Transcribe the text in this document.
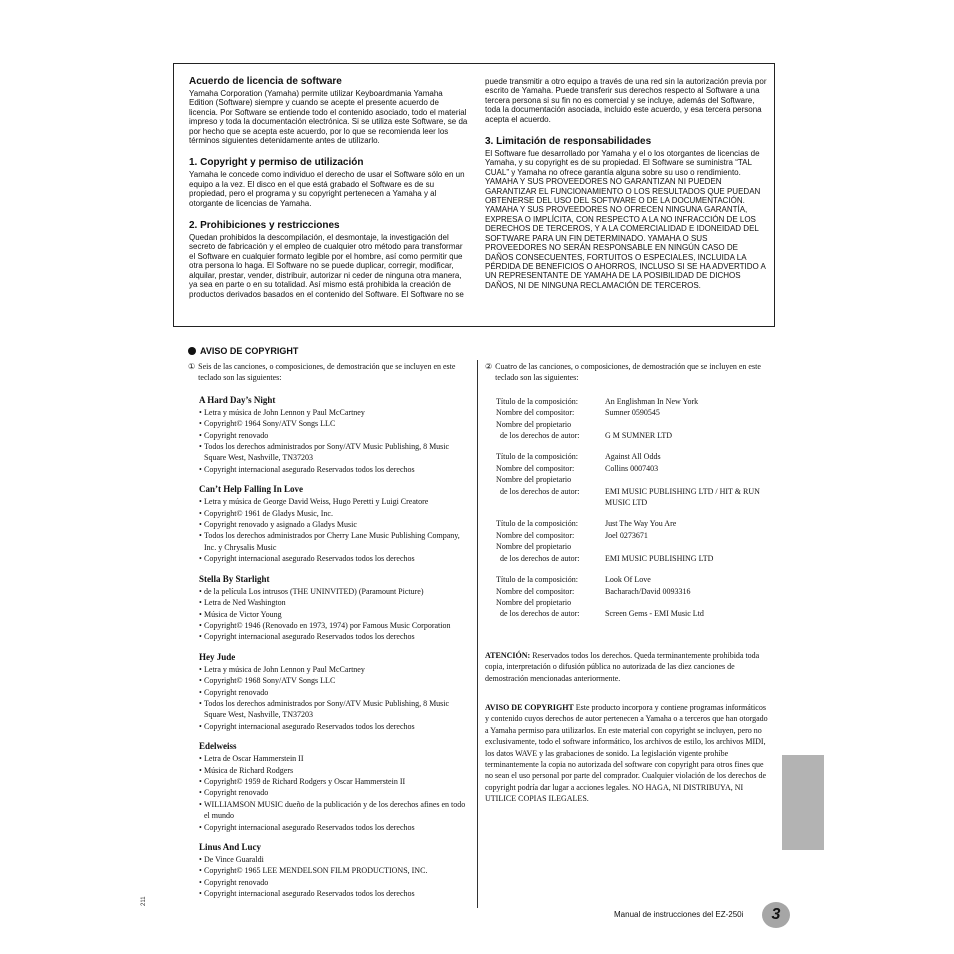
Acuerdo de licencia de software

Yamaha Corporation (Yamaha) permite utilizar Keyboardmania Yamaha Edition (Software) siempre y cuando se acepte el presente acuerdo de licencia. Por Software se entiende todo el contenido asociado, todo el material impreso y toda la documentación electrónica. Si se utiliza este Software, se da por hecho que se acepta este acuerdo, por lo que se recomienda leer los términos siguientes detenidamente antes de utilizarlo.

1. Copyright y permiso de utilización

Yamaha le concede como individuo el derecho de usar el Software sólo en un equipo a la vez. El disco en el que está grabado el Software es de su propiedad, pero el programa y su copyright pertenecen a Yamaha y al otorgante de licencias de Yamaha.

2. Prohibiciones y restricciones

Quedan prohibidos la descompilación, el desmontaje, la investigación del secreto de fabricación y el empleo de cualquier otro método para transformar el Software en cualquier formato legible por el hombre, así como permitir que otra persona lo haga. El Software no se puede duplicar, corregir, modificar, alquilar, prestar, vender, distribuir, autorizar ni ceder de ninguna otra manera, ya sea en parte o en su totalidad. Así mismo está prohibida la creación de productos derivados basados en el contenido del Software. El Software no se

puede transmitir a otro equipo a través de una red sin la autorización previa por escrito de Yamaha. Puede transferir sus derechos respecto al Software a una tercera persona si su fin no es comercial y se incluye, además del Software, toda la documentación asociada, incluido este acuerdo, y esa tercera persona acepta el acuerdo.

3. Limitación de responsabilidades

El Software fue desarrollado por Yamaha y el o los otorgantes de licencias de Yamaha, y su copyright es de su propiedad. El Software se suministra “TAL CUAL” y Yamaha no ofrece garantía alguna sobre su uso o rendimiento.

YAMAHA Y SUS PROVEEDORES NO GARANTIZAN NI PUEDEN GARANTIZAR EL FUNCIONAMIENTO O LOS RESULTADOS QUE PUEDAN OBTENERSE DEL USO DEL SOFTWARE O DE LA DOCUMENTACIÓN. YAMAHA Y SUS PROVEEDORES NO OFRECEN NINGUNA GARANTÍA, EXPRESA O IMPLÍCITA, CON RESPECTO A LA NO INFRACCIÓN DE LOS DERECHOS DE TERCEROS, Y A LA COMERCIALIDAD E IDONEIDAD DEL SOFTWARE PARA UN FIN DETERMINADO. YAMAHA O SUS PROVEEDORES NO SERÁN RESPONSABLE EN NINGÚN CASO DE DAÑOS CONSECUENTES, FORTUITOS O ESPECIALES, INCLUIDA LA PÉRDIDA DE BENEFICIOS O AHORROS, INCLUSO SI SE HA ADVERTIDO A UN REPRESENTANTE DE YAMAHA DE LA POSIBILIDAD DE DICHOS DAÑOS, NI DE NINGUNA RECLAMACIÓN DE TERCEROS.

AVISO DE COPYRIGHT
① Seis de las canciones, o composiciones, de demostración que se incluyen en este teclado son las siguientes:
A Hard Day’s Night
• Letra y música de John Lennon y Paul McCartney
• Copyright© 1964 Sony/ATV Songs LLC
• Copyright renovado
• Todos los derechos administrados por Sony/ATV Music Publishing, 8 Music Square West, Nashville, TN37203
• Copyright internacional asegurado Reservados todos los derechos
Can’t Help Falling In Love
• Letra y música de George David Weiss, Hugo Peretti y Luigi Creatore
• Copyright© 1961 de Gladys Music, Inc.
• Copyright renovado y asignado a Gladys Music
• Todos los derechos administrados por Cherry Lane Music Publishing Company, Inc. y Chrysalis Music
• Copyright internacional asegurado Reservados todos los derechos
Stella By Starlight
• de la película Los intrusos (THE UNINVITED) (Paramount Picture)
• Letra de Ned Washington
• Música de Victor Young
• Copyright© 1946 (Renovado en 1973, 1974) por Famous Music Corporation
• Copyright internacional asegurado Reservados todos los derechos
Hey Jude
• Letra y música de John Lennon y Paul McCartney
• Copyright© 1968 Sony/ATV Songs LLC
• Copyright renovado
• Todos los derechos administrados por Sony/ATV Music Publishing, 8 Music Square West, Nashville, TN37203
• Copyright internacional asegurado Reservados todos los derechos
Edelweiss
• Letra de Oscar Hammerstein II
• Música de Richard Rodgers
• Copyright© 1959 de Richard Rodgers y Oscar Hammerstein II
• Copyright renovado
• WILLIAMSON MUSIC dueño de la publicación y de los derechos afines en todo el mundo
• Copyright internacional asegurado Reservados todos los derechos
Linus And Lucy
• De Vince Guaraldi
• Copyright© 1965 LEE MENDELSON FILM PRODUCTIONS, INC.
• Copyright renovado
• Copyright internacional asegurado Reservados todos los derechos
② Cuatro de las canciones, o composiciones, de demostración que se incluyen en este teclado son las siguientes:
Título de la composición:	An Englishman In New York
Nombre del compositor:	Sumner 0590545
Nombre del propietario
de los derechos de autor:	G M SUMNER LTD
Título de la composición:	Against All Odds
Nombre del compositor:	Collins 0007403
Nombre del propietario
de los derechos de autor:	EMI MUSIC PUBLISHING LTD / HIT & RUN MUSIC LTD
Título de la composición:	Just The Way You Are
Nombre del compositor:	Joel 0273671
Nombre del propietario
de los derechos de autor:	EMI MUSIC PUBLISHING LTD
Título de la composición:	Look Of Love
Nombre del compositor:	Bacharach/David 0093316
Nombre del propietario
de los derechos de autor:	Screen Gems - EMI Music Ltd

ATENCIÓN: Reservados todos los derechos. Queda terminantemente prohibida toda copia, interpretación o difusión pública no autorizada de las diez canciones de demostración mencionadas anteriormente.

AVISO DE COPYRIGHT Este producto incorpora y contiene programas informáticos y contenido cuyos derechos de autor pertenecen a Yamaha o a terceros que han otorgado a Yamaha permiso para utilizarlos. En este material con copyright se incluyen, pero no exclusivamente, todo el software informático, los archivos de estilo, los archivos MIDI, los datos WAVE y las grabaciones de sonido. La legislación vigente prohíbe terminantemente la copia no autorizada del software con copyright para otros fines que no sean el uso personal por parte del comprador. Cualquier violación de los derechos de copyright podría dar lugar a acciones legales. NO HAGA, NI DISTRIBUYA, NI UTILICE COPIAS ILEGALES.

Manual de instrucciones del EZ-250i	3
211
